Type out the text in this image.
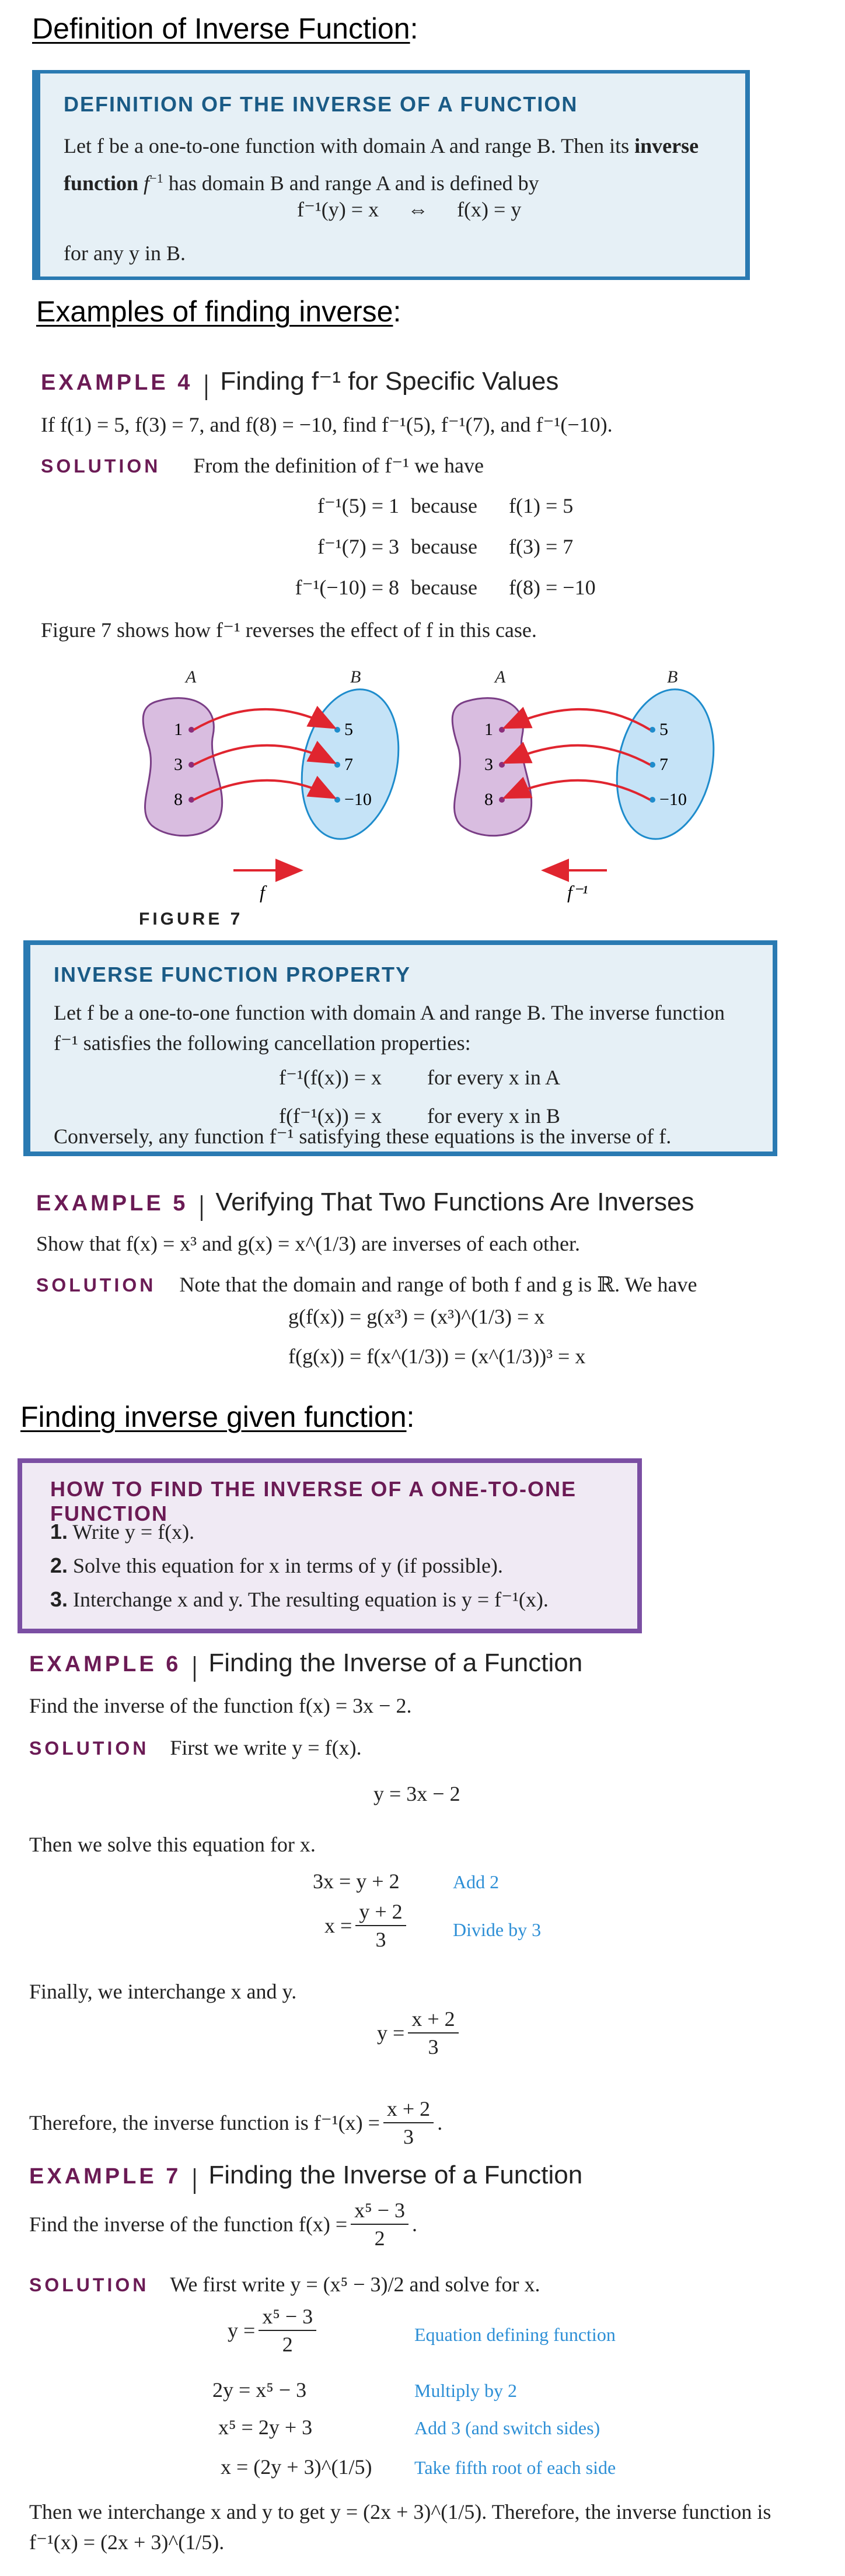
Definition of Inverse Function:
DEFINITION OF THE INVERSE OF A FUNCTION
Let f be a one-to-one function with domain A and range B. Then its inverse function $f^{-1}$ has domain B and range A and is defined by
f⁻¹(y) = x ⇔ f(x) = y
for any y in B.
Examples of finding inverse:
EXAMPLE 4 Finding f⁻¹ for Specific Values
If f(1) = 5, f(3) = 7, and f(8) = −10, find f⁻¹(5), f⁻¹(7), and f⁻¹(−10).
SOLUTION From the definition of f⁻¹ we have
f⁻¹(5) = 1 because f(1) = 5
f⁻¹(7) = 3 because f(3) = 7
f⁻¹(−10) = 8 because f(8) = −10
Figure 7 shows how f⁻¹ reverses the effect of f in this case.
A	B
1
3
8
5
7
−10
f
A	B
1
3
8
5
7
−10
f⁻¹
FIGURE 7
INVERSE FUNCTION PROPERTY
Let f be a one-to-one function with domain A and range B. The inverse function
f⁻¹ satisfies the following cancellation properties:
f⁻¹(f(x)) = x for every x in A
f(f⁻¹(x)) = x for every x in B
Conversely, any function f⁻¹ satisfying these equations is the inverse of f.
EXAMPLE 5 Verifying That Two Functions Are Inverses
Show that f(x) = x³ and g(x) = x^(1/3) are inverses of each other.
SOLUTION Note that the domain and range of both f and g is ℝ. We have
g(f(x)) = g(x³) = (x³)^(1/3) = x
f(g(x)) = f(x^(1/3)) = (x^(1/3))³ = x
Finding inverse given function:
HOW TO FIND THE INVERSE OF A ONE-TO-ONE FUNCTION
1. Write y = f(x).
2. Solve this equation for x in terms of y (if possible).
3. Interchange x and y. The resulting equation is y = f⁻¹(x).
EXAMPLE 6 Finding the Inverse of a Function
Find the inverse of the function f(x) = 3x − 2.
SOLUTION First we write y = f(x).
y = 3x − 2
Then we solve this equation for x.
3x = y + 2	Add 2
$x = \frac{y + 2}{3}$	Divide by 3
Finally, we interchange x and y.
$y = \frac{x + 2}{3}$
Therefore, the inverse function is $f^{-1}(x) = \frac{x + 2}{3}$ .
EXAMPLE 7 Finding the Inverse of a Function
Find the inverse of the function $f(x) = \frac{\text{x⁵ − 3}}{2}$ .
SOLUTION We first write y = (x⁵ − 3)/2 and solve for x.
$y = \frac{\text{x⁵ − 3}}{2}$	Equation defining function
2y = x⁵ − 3	Multiply by 2
x⁵ = 2y + 3	Add 3 (and switch sides)
x = (2y + 3)^(1/5) Take fifth root of each side
Then we interchange x and y to get y = (2x + 3)^(1/5). Therefore, the inverse function is
f⁻¹(x) = (2x + 3)^(1/5).
